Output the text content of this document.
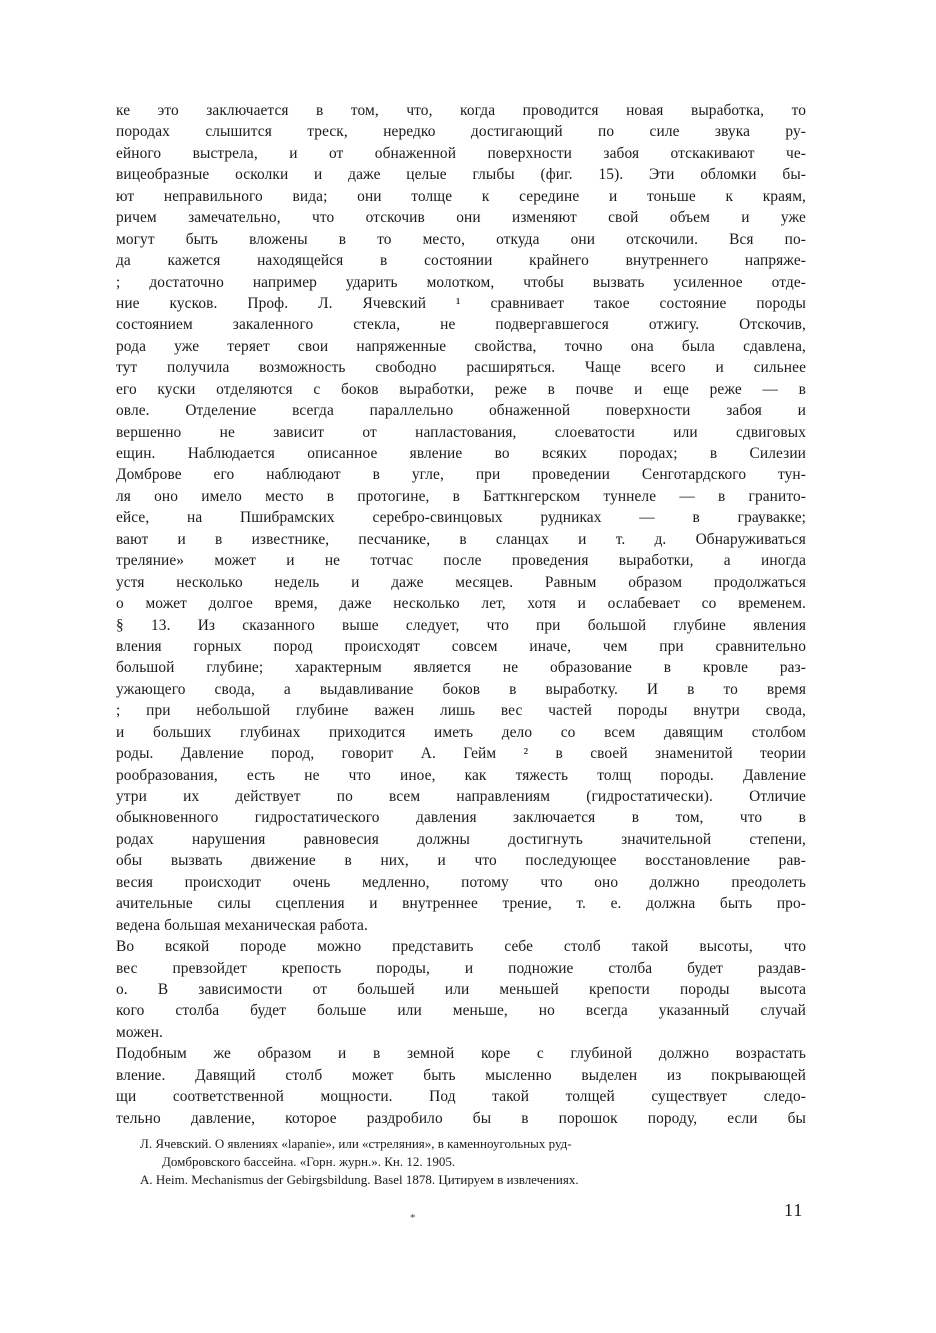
ке это заключается в том, что, когда проводится новая выработка, то
породах слышится треск, нередко достигающий по силе звука ру-
ейного выстрела, и от обнаженной поверхности забоя отскакивают че-
вицеобразные осколки и даже целые глыбы (фиг. 15). Эти обломки бы-
ют неправильного вида; они толще к середине и тоньше к краям,
ричем замечательно, что отскочив они изменяют свой объем и уже
могут быть вложены в то место, откуда они отскочили. Вся по-
да кажется находящейся в состоянии крайнего внутреннего напряже-
; достаточно например ударить молотком, чтобы вызвать усиленное отде-
ние кусков. Проф. Л. Ячевский ¹ сравнивает такое состояние породы
состоянием закаленного стекла, не подвергавшегося отжигу. Отскочив,
рода уже теряет свои напряженные свойства, точно она была сдавлена,
тут получила возможность свободно расширяться. Чаще всего и сильнее
его куски отделяются с боков выработки, реже в почве и еще реже — в
овле. Отделение всегда параллельно обнаженной поверхности забоя и
вершенно не зависит от напластования, слоеватости или сдвиговых
ещин. Наблюдается описанное явление во всяких породах; в Силезии
Домброве его наблюдают в угле, при проведении Сенготардского тун-
ля оно имело место в протогине, в Батткнгерском туннеле — в гранито-
ейсе, на Пшибрамских серебро-свинцовых рудниках — в граувакке;
вают и в известнике, песчанике, в сланцах и т. д. Обнаруживаться
треляние» может и не тотчас после проведения выработки, а иногда
устя несколько недель и даже месяцев. Равным образом продолжаться
о может долгое время, даже несколько лет, хотя и ослабевает со временем.
§ 13. Из сказанного выше следует, что при большой глубине явления
вления горных пород происходят совсем иначе, чем при сравнительно
большой глубине; характерным является не образование в кровле раз-
ужающего свода, а выдавливание боков в выработку. И в то время
; при небольшой глубине важен лишь вес частей породы внутри свода,
и больших глубинах приходится иметь дело со всем давящим столбом
роды. Давление пород, говорит А. Гейм ² в своей знаменитой теории
рообразования, есть не что иное, как тяжесть толщ породы. Давление
утри их действует по всем направлениям (гидростатически). Отличие
обыкновенного гидростатического давления заключается в том, что в
родах нарушения равновесия должны достигнуть значительной степени,
обы вызвать движение в них, и что последующее восстановление рав-
весия происходит очень медленно, потому что оно должно преодолеть
ачительные силы сцепления и внутреннее трение, т. е. должна быть про-
ведена большая механическая работа.
Во всякой породе можно представить себе столб такой высоты, что
вес превзойдет крепость породы, и подножие столба будет раздав-
о. В зависимости от большей или меньшей крепости породы высота
кого столба будет больше или меньше, но всегда указанный случай
можен.
Подобным же образом и в земной коре с глубиной должно возрастать
вление. Давящий столб может быть мысленно выделен из покрывающей
щи соответственной мощности. Под такой толщей существует следо-
тельно давление, которое раздробило бы в порошок породу, если бы
Л. Ячевский. О явлениях «lapanie», или «стреляния», в каменноугольных руд-
Домбровского бассейна. «Горн. журн.». Кн. 12. 1905.
А. Heim. Mechanismus der Gebirgsbildung. Basel 1878. Цитируем в извлечениях.
*	11
